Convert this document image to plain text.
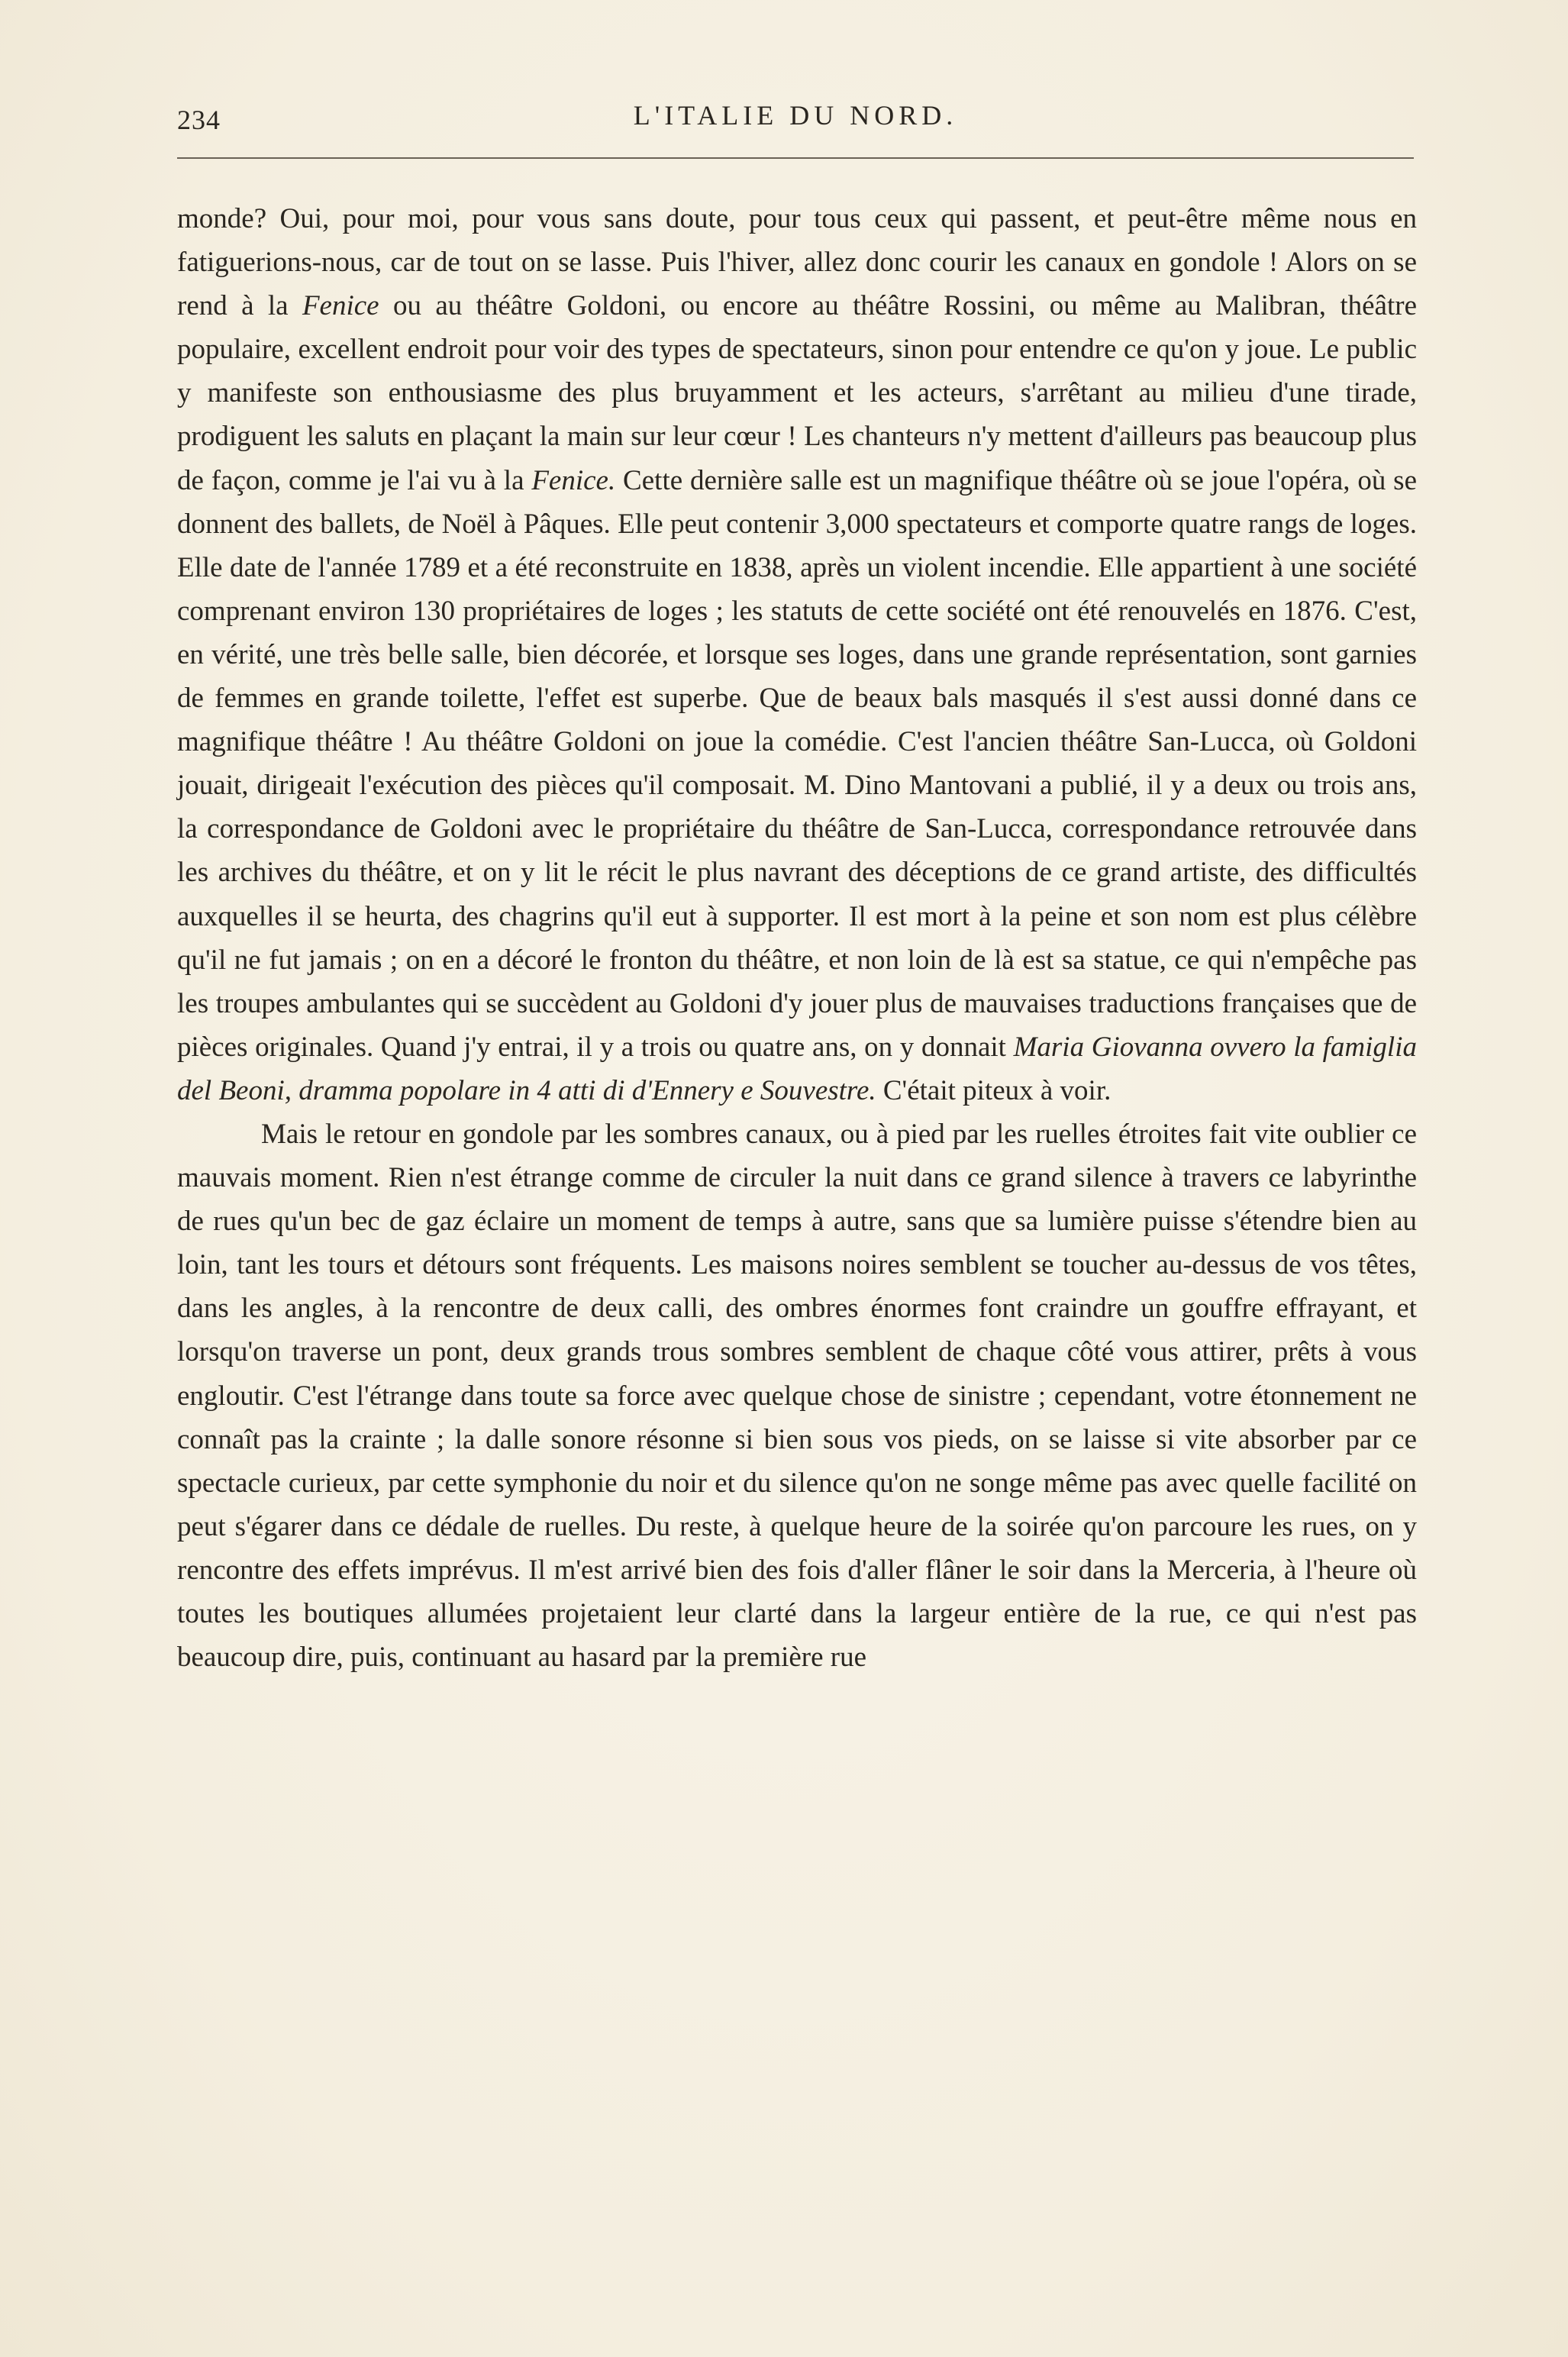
234	L'ITALIE DU NORD.

monde? Oui, pour moi, pour vous sans doute, pour tous ceux qui passent, et peut-être même nous en fatiguerions-nous, car de tout on se lasse. Puis l'hiver, allez donc courir les canaux en gondole ! Alors on se rend à la Fenice ou au théâtre Goldoni, ou encore au théâtre Rossini, ou même au Malibran, théâtre populaire, excellent endroit pour voir des types de spectateurs, sinon pour entendre ce qu'on y joue. Le public y manifeste son enthousiasme des plus bruyamment et les acteurs, s'arrêtant au milieu d'une tirade, prodiguent les saluts en plaçant la main sur leur cœur ! Les chanteurs n'y mettent d'ailleurs pas beaucoup plus de façon, comme je l'ai vu à la Fenice. Cette dernière salle est un magnifique théâtre où se joue l'opéra, où se donnent des ballets, de Noël à Pâques. Elle peut contenir 3,000 spectateurs et comporte quatre rangs de loges. Elle date de l'année 1789 et a été reconstruite en 1838, après un violent incendie. Elle appartient à une société comprenant environ 130 propriétaires de loges ; les statuts de cette société ont été renouvelés en 1876. C'est, en vérité, une très belle salle, bien décorée, et lorsque ses loges, dans une grande représentation, sont garnies de femmes en grande toilette, l'effet est superbe. Que de beaux bals masqués il s'est aussi donné dans ce magnifique théâtre ! Au théâtre Goldoni on joue la comédie. C'est l'ancien théâtre San-Lucca, où Goldoni jouait, dirigeait l'exécution des pièces qu'il composait. M. Dino Mantovani a publié, il y a deux ou trois ans, la correspondance de Goldoni avec le propriétaire du théâtre de San-Lucca, correspondance retrouvée dans les archives du théâtre, et on y lit le récit le plus navrant des déceptions de ce grand artiste, des difficultés auxquelles il se heurta, des chagrins qu'il eut à supporter. Il est mort à la peine et son nom est plus célèbre qu'il ne fut jamais ; on en a décoré le fronton du théâtre, et non loin de là est sa statue, ce qui n'empêche pas les troupes ambulantes qui se succèdent au Goldoni d'y jouer plus de mauvaises traductions françaises que de pièces originales. Quand j'y entrai, il y a trois ou quatre ans, on y donnait Maria Giovanna ovvero la famiglia del Beoni, dramma popolare in 4 atti di d'Ennery e Souvestre. C'était piteux à voir.

Mais le retour en gondole par les sombres canaux, ou à pied par les ruelles étroites fait vite oublier ce mauvais moment. Rien n'est étrange comme de circuler la nuit dans ce grand silence à travers ce labyrinthe de rues qu'un bec de gaz éclaire un moment de temps à autre, sans que sa lumière puisse s'étendre bien au loin, tant les tours et détours sont fréquents. Les maisons noires semblent se toucher au-dessus de vos têtes, dans les angles, à la rencontre de deux calli, des ombres énormes font craindre un gouffre effrayant, et lorsqu'on traverse un pont, deux grands trous sombres semblent de chaque côté vous attirer, prêts à vous engloutir. C'est l'étrange dans toute sa force avec quelque chose de sinistre ; cependant, votre étonnement ne connaît pas la crainte ; la dalle sonore résonne si bien sous vos pieds, on se laisse si vite absorber par ce spectacle curieux, par cette symphonie du noir et du silence qu'on ne songe même pas avec quelle facilité on peut s'égarer dans ce dédale de ruelles. Du reste, à quelque heure de la soirée qu'on parcoure les rues, on y rencontre des effets imprévus. Il m'est arrivé bien des fois d'aller flâner le soir dans la Merceria, à l'heure où toutes les boutiques allumées projetaient leur clarté dans la largeur entière de la rue, ce qui n'est pas beaucoup dire, puis, continuant au hasard par la première rue
